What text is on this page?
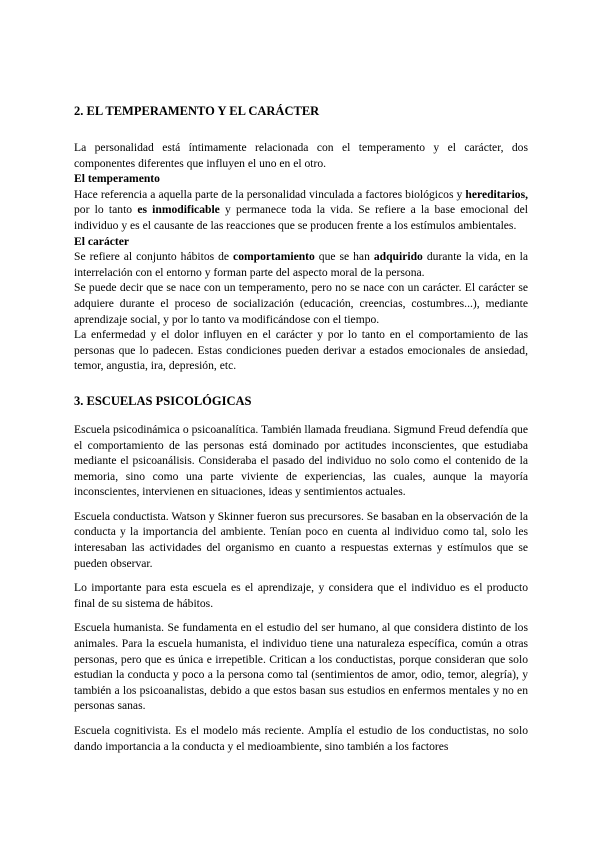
2. EL TEMPERAMENTO Y EL CARÁCTER

La personalidad está íntimamente relacionada con el temperamento y el carácter, dos componentes diferentes que influyen el uno en el otro.

El temperamento

Hace referencia a aquella parte de la personalidad vinculada a factores biológicos y hereditarios, por lo tanto es inmodificable y permanece toda la vida. Se refiere a la base emocional del individuo y es el causante de las reacciones que se producen frente a los estímulos ambientales.

El carácter

Se refiere al conjunto hábitos de comportamiento que se han adquirido durante la vida, en la interrelación con el entorno y forman parte del aspecto moral de la persona.

Se puede decir que se nace con un temperamento, pero no se nace con un carácter. El carácter se adquiere durante el proceso de socialización (educación, creencias, costumbres...), mediante aprendizaje social, y por lo tanto va modificándose con el tiempo.

La enfermedad y el dolor influyen en el carácter y por lo tanto en el comportamiento de las personas que lo padecen. Estas condiciones pueden derivar a estados emocionales de ansiedad, temor, angustia, ira, depresión, etc.

3. ESCUELAS PSICOLÓGICAS

Escuela psicodinámica o psicoanalítica. También llamada freudiana. Sigmund Freud defendía que el comportamiento de las personas está dominado por actitudes inconscientes, que estudiaba mediante el psicoanálisis. Consideraba el pasado del individuo no solo como el contenido de la memoria, sino como una parte viviente de experiencias, las cuales, aunque la mayoría inconscientes, intervienen en situaciones, ideas y sentimientos actuales.

Escuela conductista. Watson y Skinner fueron sus precursores. Se basaban en la observación de la conducta y la importancia del ambiente. Tenían poco en cuenta al individuo como tal, solo les interesaban las actividades del organismo en cuanto a respuestas externas y estímulos que se pueden observar.

Lo importante para esta escuela es el aprendizaje, y considera que el individuo es el producto final de su sistema de hábitos.

Escuela humanista. Se fundamenta en el estudio del ser humano, al que considera distinto de los animales. Para la escuela humanista, el individuo tiene una naturaleza específica, común a otras personas, pero que es única e irrepetible. Critican a los conductistas, porque consideran que solo estudian la conducta y poco a la persona como tal (sentimientos de amor, odio, temor, alegría), y también a los psicoanalistas, debido a que estos basan sus estudios en enfermos mentales y no en personas sanas.

Escuela cognitivista. Es el modelo más reciente. Amplía el estudio de los conductistas, no solo dando importancia a la conducta y el medioambiente, sino también a los factores
